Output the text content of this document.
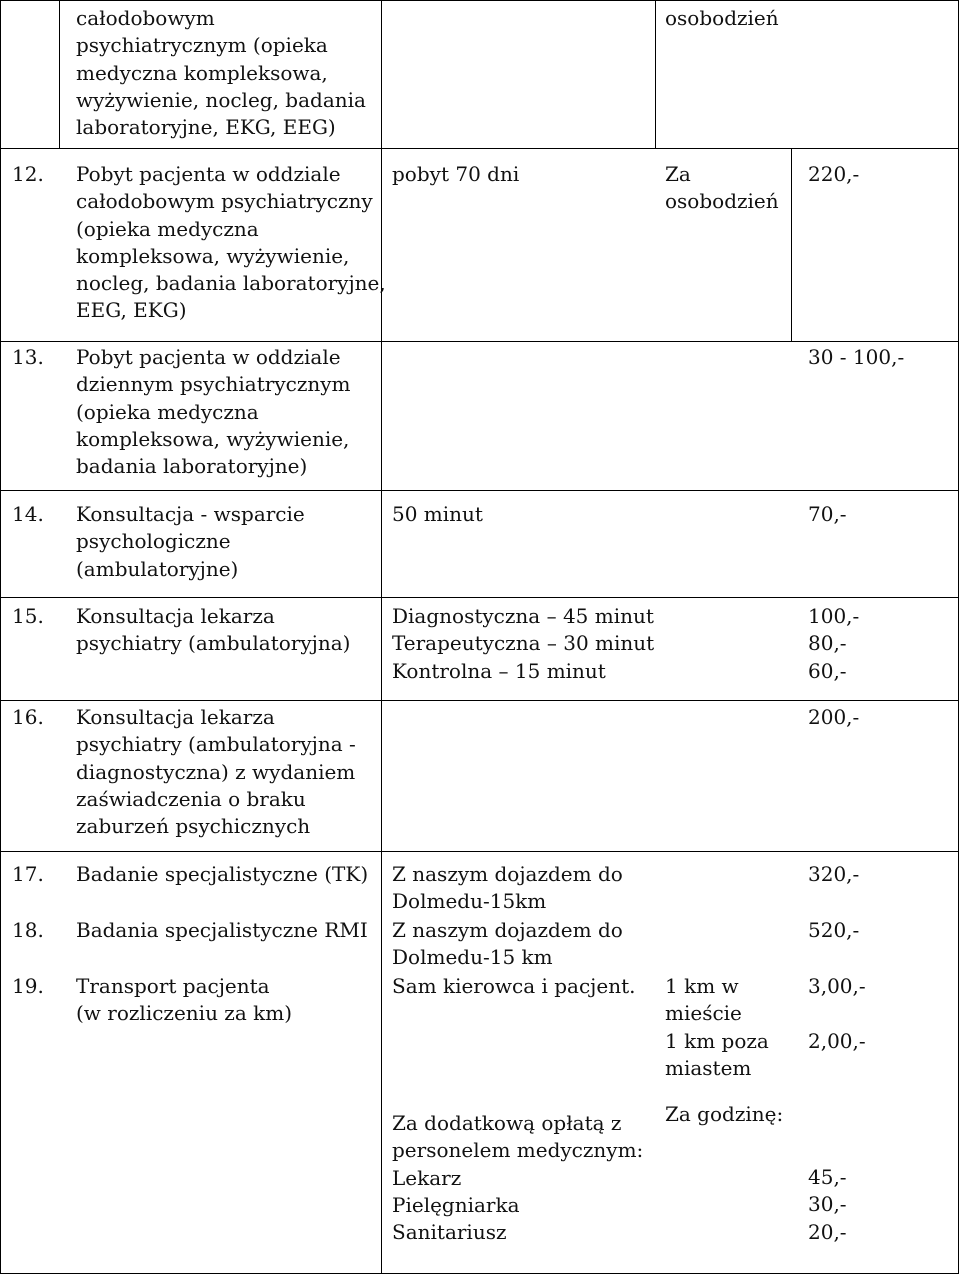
całodobowym
psychiatrycznym (opieka
medyczna kompleksowa,
wyżywienie, nocleg, badania
laboratoryjne, EKG, EEG)
osobodzień
12. Pobyt pacjenta w oddziale
całodobowym psychiatryczny
(opieka medyczna
kompleksowa, wyżywienie,
nocleg, badania laboratoryjne,
EEG, EKG)
pobyt 70 dni	Za
osobodzień
220,-
13. Pobyt pacjenta w oddziale
dziennym psychiatrycznym
(opieka medyczna
kompleksowa, wyżywienie,
badania laboratoryjne)
30 - 100,-
14. Konsultacja - wsparcie
psychologiczne
(ambulatoryjne)
50 minut	70,-
15. Konsultacja lekarza
psychiatry (ambulatoryjna)
Diagnostyczna – 45 minut
Terapeutyczna – 30 minut
Kontrolna – 15 minut
100,-
80,-
60,-
16. Konsultacja lekarza
psychiatry (ambulatoryjna -
diagnostyczna) z wydaniem
zaświadczenia o braku
zaburzeń psychicznych
200,-
17. Badanie specjalistyczne (TK) Z naszym dojazdem do
Dolmedu-15km
320,-
18. Badania specjalistyczne RMI Z naszym dojazdem do
Dolmedu-15 km
520,-
19. Transport pacjenta
(w rozliczeniu za km)
Sam kierowca i pacjent. 1 km w
mieście
1 km poza
miastem
3,00,-
2,00,-
Za dodatkową opłatą z
personelem medycznym:
Lekarz
Pielęgniarka
Sanitariusz
Za godzinę:
45,-
30,-
20,-
